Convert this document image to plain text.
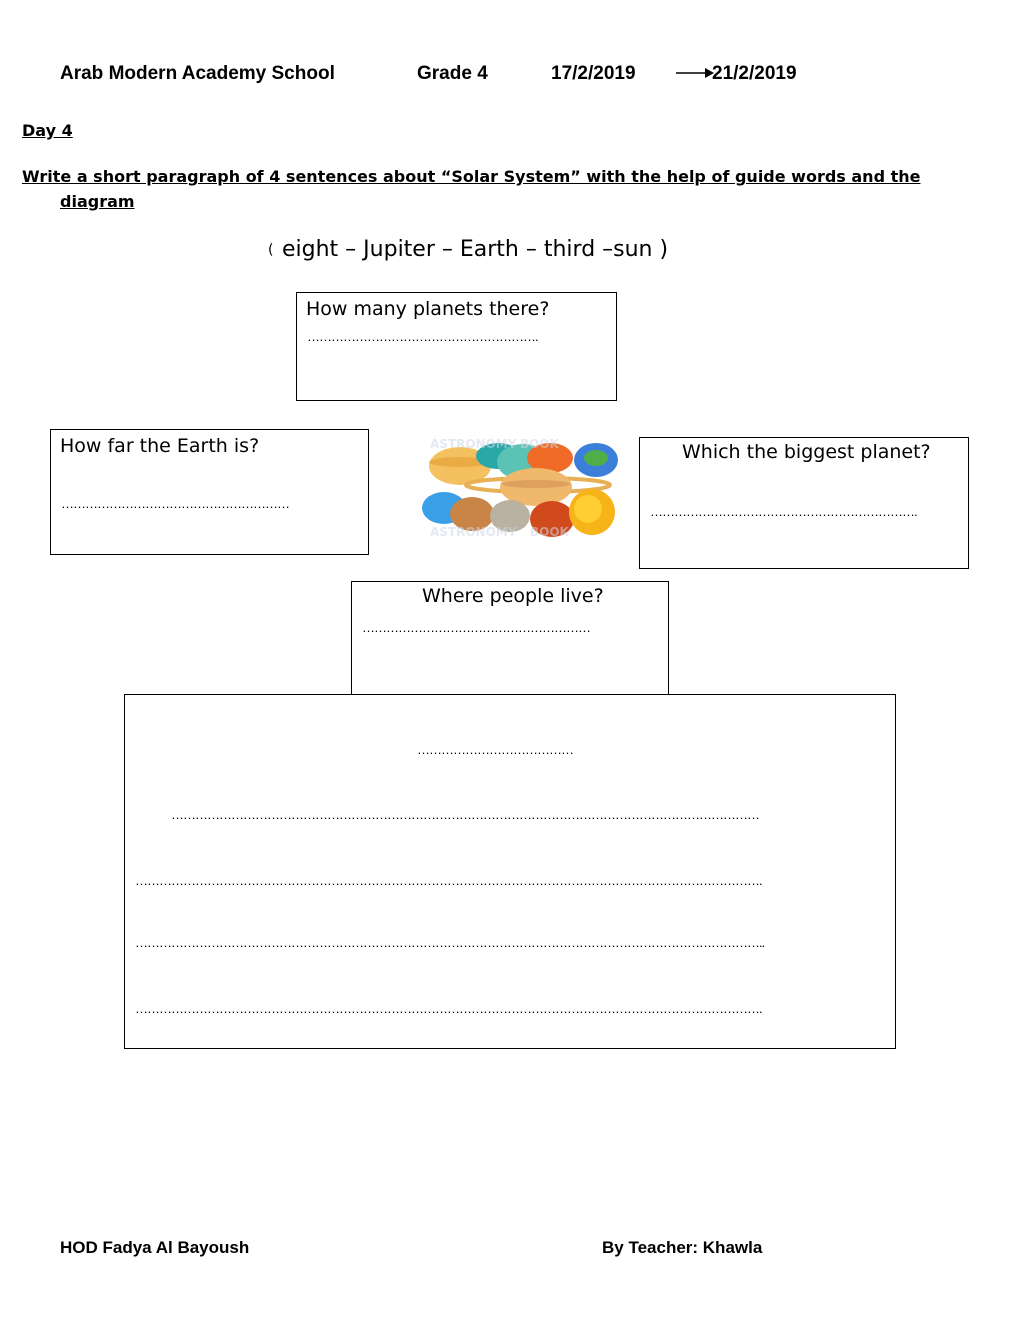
Arab Modern Academy School	Grade 4	17/2/2019	21/2/2019
Day 4
Write a short paragraph of 4 sentences about “Solar System” with the help of guide words and the
diagram
( eight – Jupiter – Earth – third –sun )
How many planets there?
………………………………………………….
How far the Earth is?
…………………………………………………
ASTRONOMY BOOK
ASTRONOMY BOOK
Which the biggest planet?
………………………………………………………….
Where people live?
…………………………………………………
…………………………………
…………………………………………………………………………………………………………………………………
………………………………………………………………………………………………………………………………………….
…………………………………………………………………………………………………………………………………………..
………………………………………………………………………………………………………………………………………….
HOD Fadya Al Bayoush	By Teacher: Khawla
